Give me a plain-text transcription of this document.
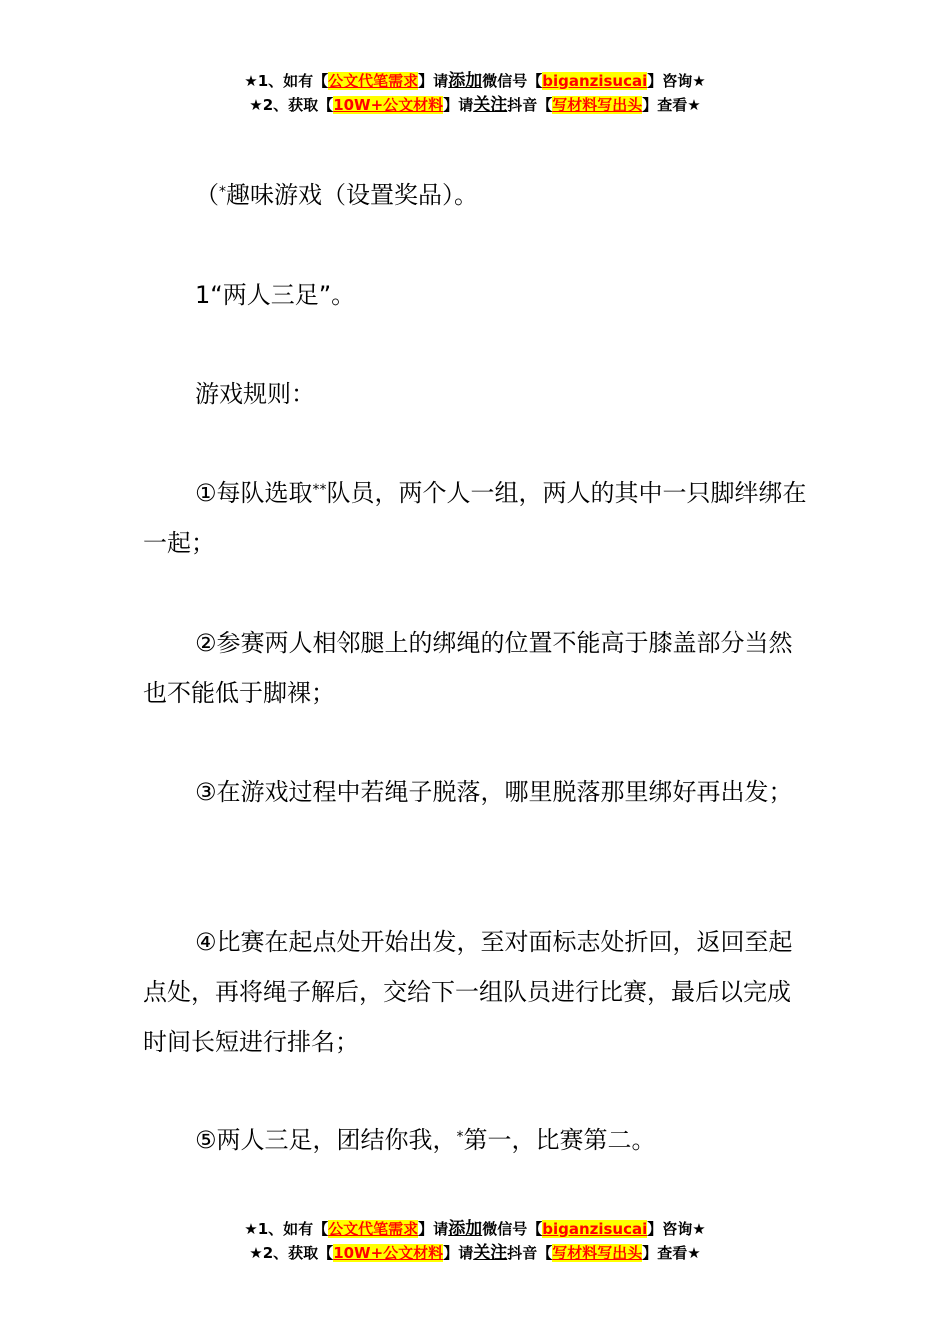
★1、如有【公文代笔需求】请添加微信号【biganzisucai】咨询★
★2、获取【10W+公文材料】请关注抖音【写材料写出头】查看★
（*趣味游戏（设置奖品）。
1“两人三足”。
游戏规则：
①每队选取**队员，两个人一组，两人的其中一只脚绊绑在一起；
②参赛两人相邻腿上的绑绳的位置不能高于膝盖部分当然也不能低于脚裸；
③在游戏过程中若绳子脱落，哪里脱落那里绑好再出发；
④比赛在起点处开始出发，至对面标志处折回，返回至起点处，再将绳子解后，交给下一组队员进行比赛，最后以完成时间长短进行排名；
⑤两人三足，团结你我，*第一，比赛第二。
★1、如有【公文代笔需求】请添加微信号【biganzisucai】咨询★
★2、获取【10W+公文材料】请关注抖音【写材料写出头】查看★
